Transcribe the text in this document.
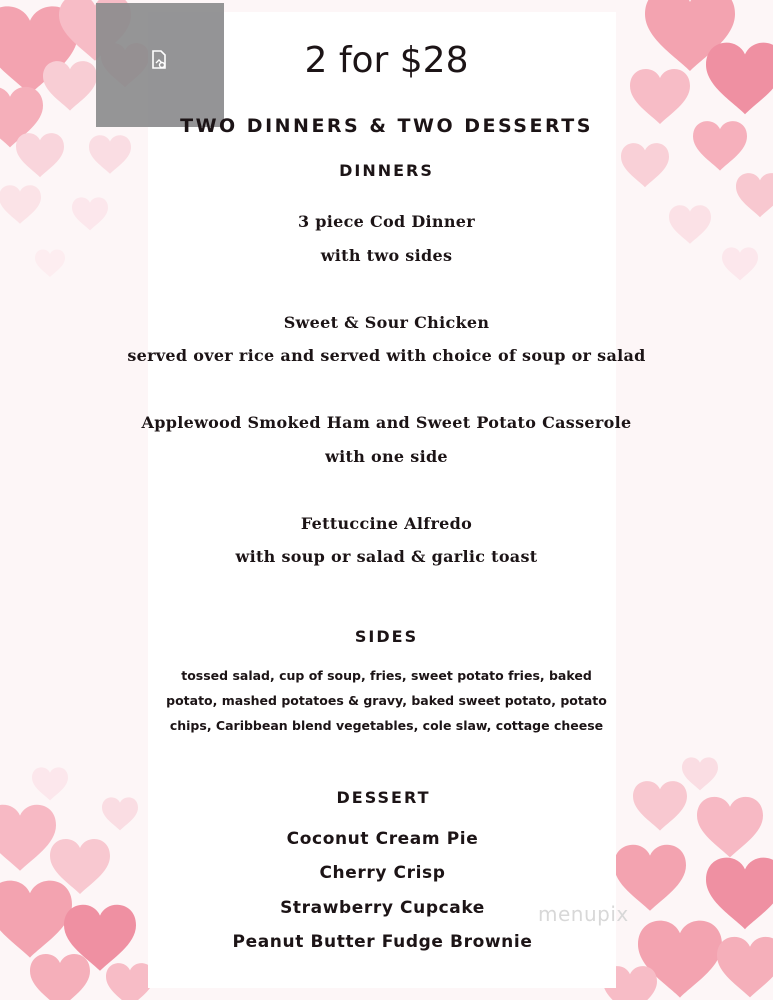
2 for $28
TWO DINNERS & TWO DESSERTS
DINNERS
3 piece Cod Dinner
with two sides
Sweet & Sour Chicken
served over rice and served with choice of soup or salad
Applewood Smoked Ham and Sweet Potato Casserole
with one side
Fettuccine Alfredo
with soup or salad & garlic toast
SIDES
tossed salad, cup of soup, fries, sweet potato fries, baked
potato, mashed potatoes & gravy, baked sweet potato, potato
chips, Caribbean blend vegetables, cole slaw, cottage cheese
DESSERT
Coconut Cream Pie
Cherry Crisp
Strawberry Cupcake
Peanut Butter Fudge Brownie
menupix
